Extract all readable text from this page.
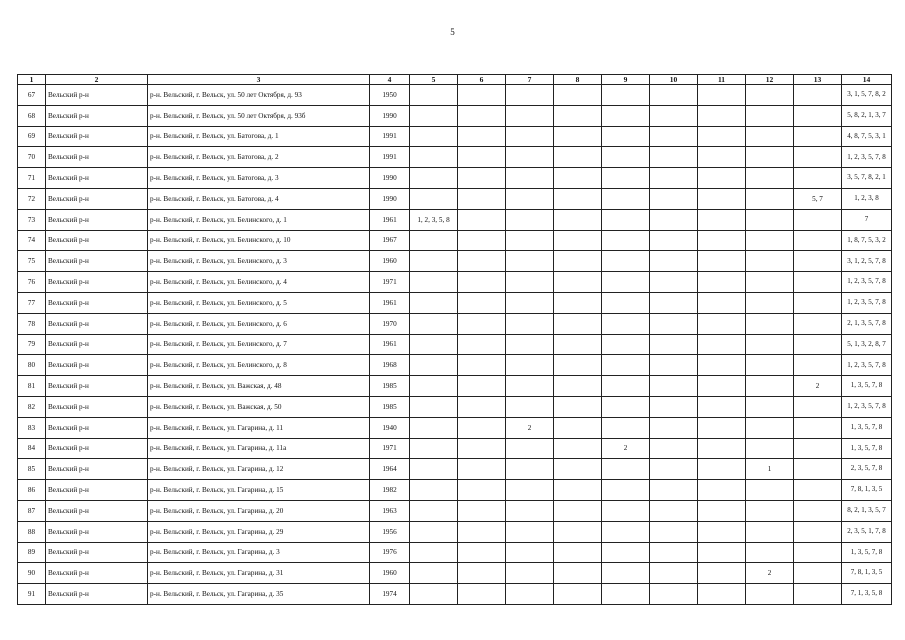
5
1	2	3	4	5	6	7	8	9	10	11	12	13	14
67	Вельский р-н	р-н. Вельский, г. Вельск, ул. 50 лет Октября, д. 93	1950										3, 1, 5, 7, 8, 2
68	Вельский р-н	р-н. Вельский, г. Вельск, ул. 50 лет Октября, д. 93б	1990										5, 8, 2, 1, 3, 7
69	Вельский р-н	р-н. Вельский, г. Вельск, ул. Батогова, д. 1	1991										4, 8, 7, 5, 3, 1
70	Вельский р-н	р-н. Вельский, г. Вельск, ул. Батогова, д. 2	1991										1, 2, 3, 5, 7, 8
71	Вельский р-н	р-н. Вельский, г. Вельск, ул. Батогова, д. 3	1990										3, 5, 7, 8, 2, 1
72	Вельский р-н	р-н. Вельский, г. Вельск, ул. Батогова, д. 4	1990									5, 7	1, 2, 3, 8
73	Вельский р-н	р-н. Вельский, г. Вельск, ул. Белинского, д. 1	1961	1, 2, 3, 5, 8									7
74	Вельский р-н	р-н. Вельский, г. Вельск, ул. Белинского, д. 10	1967										1, 8, 7, 5, 3, 2
75	Вельский р-н	р-н. Вельский, г. Вельск, ул. Белинского, д. 3	1960										3, 1, 2, 5, 7, 8
76	Вельский р-н	р-н. Вельский, г. Вельск, ул. Белинского, д. 4	1971										1, 2, 3, 5, 7, 8
77	Вельский р-н	р-н. Вельский, г. Вельск, ул. Белинского, д. 5	1961										1, 2, 3, 5, 7, 8
78	Вельский р-н	р-н. Вельский, г. Вельск, ул. Белинского, д. 6	1970										2, 1, 3, 5, 7, 8
79	Вельский р-н	р-н. Вельский, г. Вельск, ул. Белинского, д. 7	1961										5, 1, 3, 2, 8, 7
80	Вельский р-н	р-н. Вельский, г. Вельск, ул. Белинского, д. 8	1968										1, 2, 3, 5, 7, 8
81	Вельский р-н	р-н. Вельский, г. Вельск, ул. Важская, д. 48	1985									2	1, 3, 5, 7, 8
82	Вельский р-н	р-н. Вельский, г. Вельск, ул. Важская, д. 50	1985										1, 2, 3, 5, 7, 8
83	Вельский р-н	р-н. Вельский, г. Вельск, ул. Гагарина, д. 11	1940			2							1, 3, 5, 7, 8
84	Вельский р-н	р-н. Вельский, г. Вельск, ул. Гагарина, д. 11а	1971					2					1, 3, 5, 7, 8
85	Вельский р-н	р-н. Вельский, г. Вельск, ул. Гагарина, д. 12	1964								1		2, 3, 5, 7, 8
86	Вельский р-н	р-н. Вельский, г. Вельск, ул. Гагарина, д. 15	1982										7, 8, 1, 3, 5
87	Вельский р-н	р-н. Вельский, г. Вельск, ул. Гагарина, д. 20	1963										8, 2, 1, 3, 5, 7
88	Вельский р-н	р-н. Вельский, г. Вельск, ул. Гагарина, д. 29	1956										2, 3, 5, 1, 7, 8
89	Вельский р-н	р-н. Вельский, г. Вельск, ул. Гагарина, д. 3	1976										1, 3, 5, 7, 8
90	Вельский р-н	р-н. Вельский, г. Вельск, ул. Гагарина, д. 31	1960								2		7, 8, 1, 3, 5
91	Вельский р-н	р-н. Вельский, г. Вельск, ул. Гагарина, д. 35	1974										7, 1, 3, 5, 8
